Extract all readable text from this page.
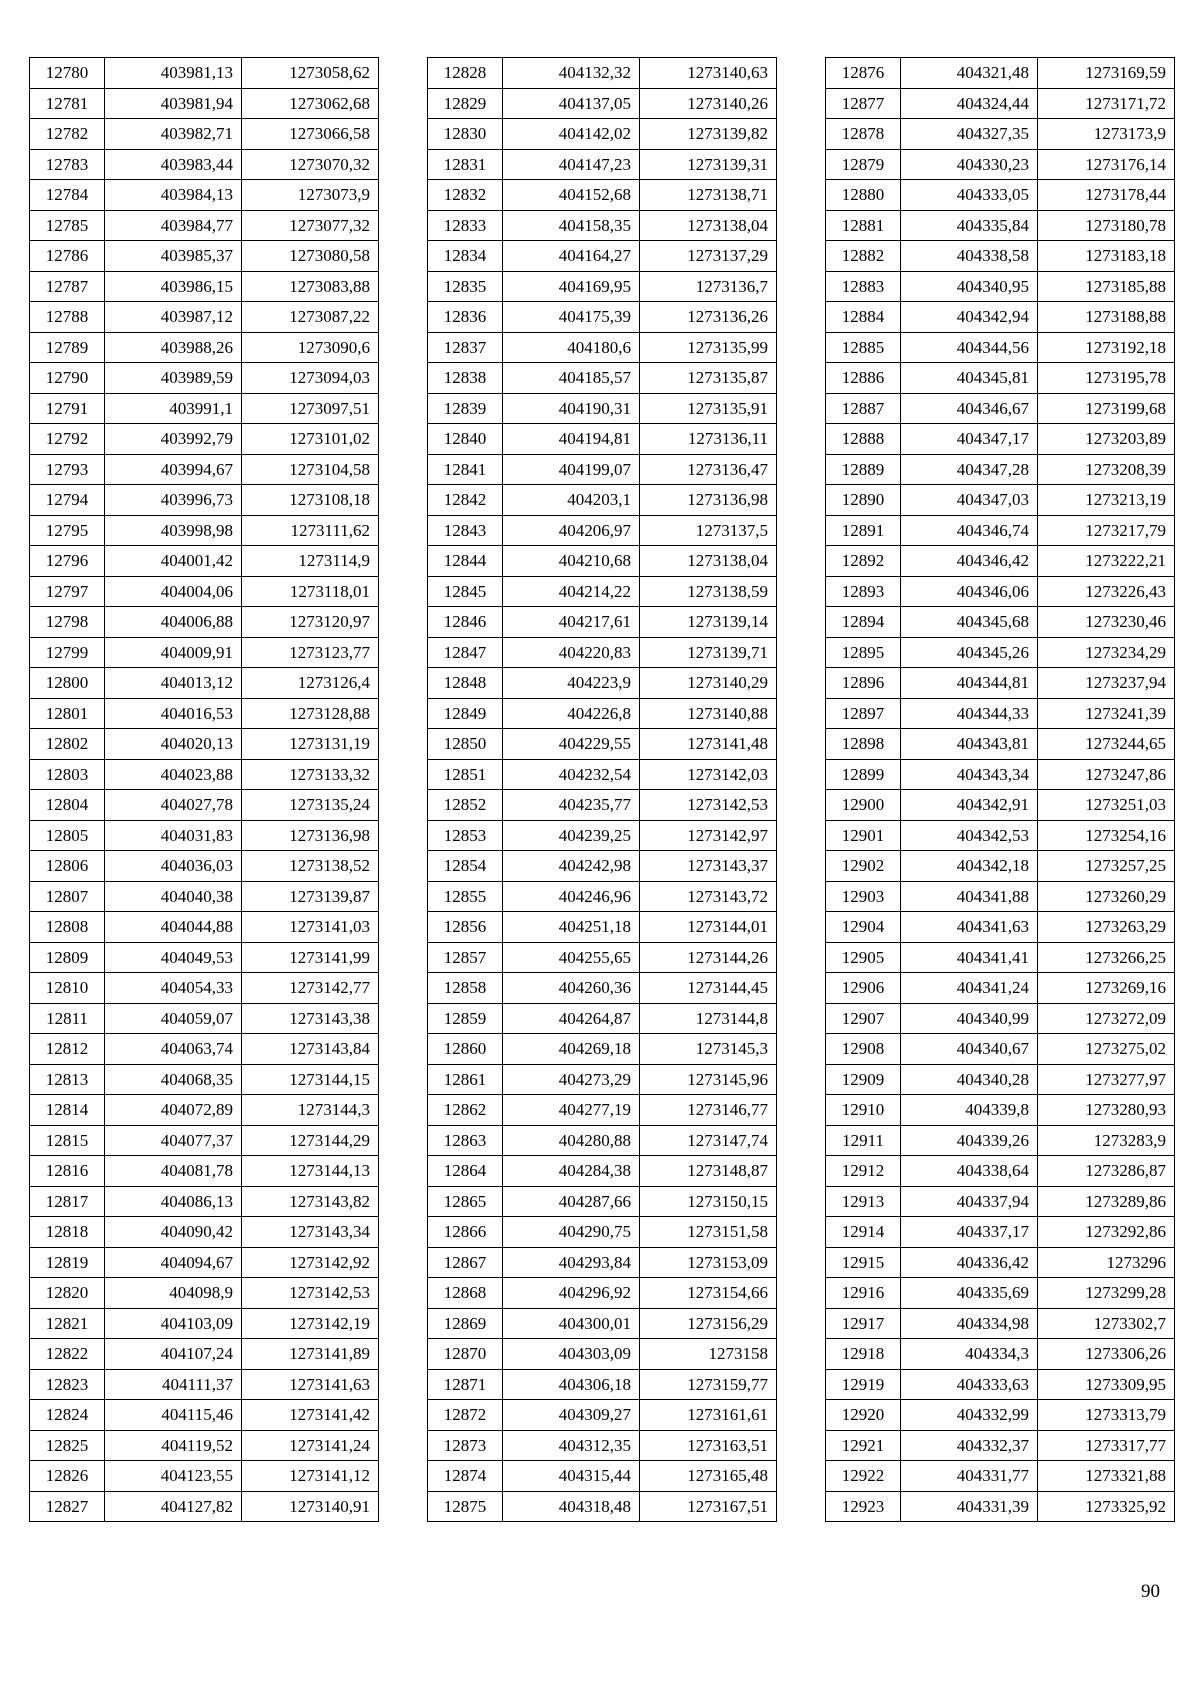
12780	403981,13	1273058,62
12781	403981,94	1273062,68
12782	403982,71	1273066,58
12783	403983,44	1273070,32
12784	403984,13	1273073,9
12785	403984,77	1273077,32
12786	403985,37	1273080,58
12787	403986,15	1273083,88
12788	403987,12	1273087,22
12789	403988,26	1273090,6
12790	403989,59	1273094,03
12791	403991,1	1273097,51
12792	403992,79	1273101,02
12793	403994,67	1273104,58
12794	403996,73	1273108,18
12795	403998,98	1273111,62
12796	404001,42	1273114,9
12797	404004,06	1273118,01
12798	404006,88	1273120,97
12799	404009,91	1273123,77
12800	404013,12	1273126,4
12801	404016,53	1273128,88
12802	404020,13	1273131,19
12803	404023,88	1273133,32
12804	404027,78	1273135,24
12805	404031,83	1273136,98
12806	404036,03	1273138,52
12807	404040,38	1273139,87
12808	404044,88	1273141,03
12809	404049,53	1273141,99
12810	404054,33	1273142,77
12811	404059,07	1273143,38
12812	404063,74	1273143,84
12813	404068,35	1273144,15
12814	404072,89	1273144,3
12815	404077,37	1273144,29
12816	404081,78	1273144,13
12817	404086,13	1273143,82
12818	404090,42	1273143,34
12819	404094,67	1273142,92
12820	404098,9	1273142,53
12821	404103,09	1273142,19
12822	404107,24	1273141,89
12823	404111,37	1273141,63
12824	404115,46	1273141,42
12825	404119,52	1273141,24
12826	404123,55	1273141,12
12827	404127,82	1273140,91
12828	404132,32	1273140,63
12829	404137,05	1273140,26
12830	404142,02	1273139,82
12831	404147,23	1273139,31
12832	404152,68	1273138,71
12833	404158,35	1273138,04
12834	404164,27	1273137,29
12835	404169,95	1273136,7
12836	404175,39	1273136,26
12837	404180,6	1273135,99
12838	404185,57	1273135,87
12839	404190,31	1273135,91
12840	404194,81	1273136,11
12841	404199,07	1273136,47
12842	404203,1	1273136,98
12843	404206,97	1273137,5
12844	404210,68	1273138,04
12845	404214,22	1273138,59
12846	404217,61	1273139,14
12847	404220,83	1273139,71
12848	404223,9	1273140,29
12849	404226,8	1273140,88
12850	404229,55	1273141,48
12851	404232,54	1273142,03
12852	404235,77	1273142,53
12853	404239,25	1273142,97
12854	404242,98	1273143,37
12855	404246,96	1273143,72
12856	404251,18	1273144,01
12857	404255,65	1273144,26
12858	404260,36	1273144,45
12859	404264,87	1273144,8
12860	404269,18	1273145,3
12861	404273,29	1273145,96
12862	404277,19	1273146,77
12863	404280,88	1273147,74
12864	404284,38	1273148,87
12865	404287,66	1273150,15
12866	404290,75	1273151,58
12867	404293,84	1273153,09
12868	404296,92	1273154,66
12869	404300,01	1273156,29
12870	404303,09	1273158
12871	404306,18	1273159,77
12872	404309,27	1273161,61
12873	404312,35	1273163,51
12874	404315,44	1273165,48
12875	404318,48	1273167,51
12876	404321,48	1273169,59
12877	404324,44	1273171,72
12878	404327,35	1273173,9
12879	404330,23	1273176,14
12880	404333,05	1273178,44
12881	404335,84	1273180,78
12882	404338,58	1273183,18
12883	404340,95	1273185,88
12884	404342,94	1273188,88
12885	404344,56	1273192,18
12886	404345,81	1273195,78
12887	404346,67	1273199,68
12888	404347,17	1273203,89
12889	404347,28	1273208,39
12890	404347,03	1273213,19
12891	404346,74	1273217,79
12892	404346,42	1273222,21
12893	404346,06	1273226,43
12894	404345,68	1273230,46
12895	404345,26	1273234,29
12896	404344,81	1273237,94
12897	404344,33	1273241,39
12898	404343,81	1273244,65
12899	404343,34	1273247,86
12900	404342,91	1273251,03
12901	404342,53	1273254,16
12902	404342,18	1273257,25
12903	404341,88	1273260,29
12904	404341,63	1273263,29
12905	404341,41	1273266,25
12906	404341,24	1273269,16
12907	404340,99	1273272,09
12908	404340,67	1273275,02
12909	404340,28	1273277,97
12910	404339,8	1273280,93
12911	404339,26	1273283,9
12912	404338,64	1273286,87
12913	404337,94	1273289,86
12914	404337,17	1273292,86
12915	404336,42	1273296
12916	404335,69	1273299,28
12917	404334,98	1273302,7
12918	404334,3	1273306,26
12919	404333,63	1273309,95
12920	404332,99	1273313,79
12921	404332,37	1273317,77
12922	404331,77	1273321,88
12923	404331,39	1273325,92
90
